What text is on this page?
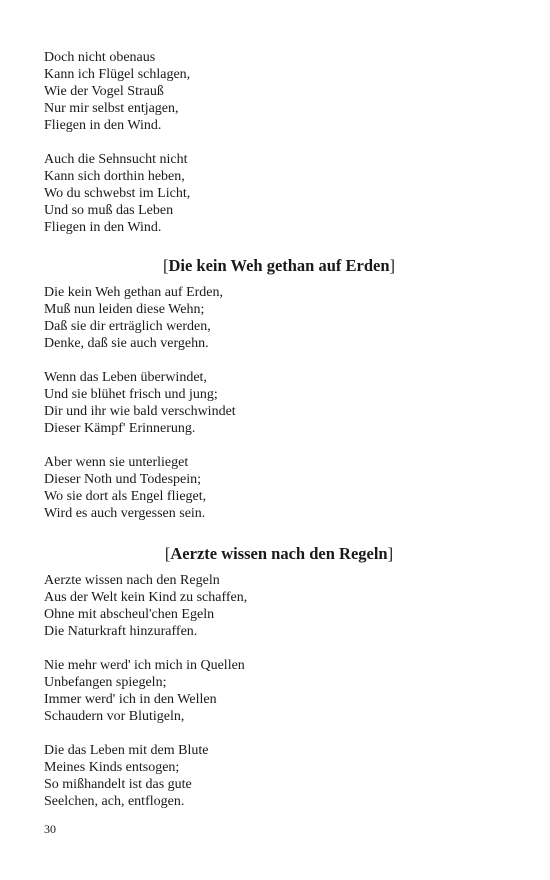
Doch nicht obenaus
Kann ich Flügel schlagen,
Wie der Vogel Strauß
Nur mir selbst entjagen,
Fliegen in den Wind.
Auch die Sehnsucht nicht
Kann sich dorthin heben,
Wo du schwebst im Licht,
Und so muß das Leben
Fliegen in den Wind.
[Die kein Weh gethan auf Erden]
Die kein Weh gethan auf Erden,
Muß nun leiden diese Wehn;
Daß sie dir erträglich werden,
Denke, daß sie auch vergehn.
Wenn das Leben überwindet,
Und sie blühet frisch und jung;
Dir und ihr wie bald verschwindet
Dieser Kämpf' Erinnerung.
Aber wenn sie unterlieget
Dieser Noth und Todespein;
Wo sie dort als Engel flieget,
Wird es auch vergessen sein.
[Aerzte wissen nach den Regeln]
Aerzte wissen nach den Regeln
Aus der Welt kein Kind zu schaffen,
Ohne mit abscheul'chen Egeln
Die Naturkraft hinzuraffen.
Nie mehr werd' ich mich in Quellen
Unbefangen spiegeln;
Immer werd' ich in den Wellen
Schaudern vor Blutigeln,
Die das Leben mit dem Blute
Meines Kinds entsogen;
So mißhandelt ist das gute
Seelchen, ach, entflogen.
30
